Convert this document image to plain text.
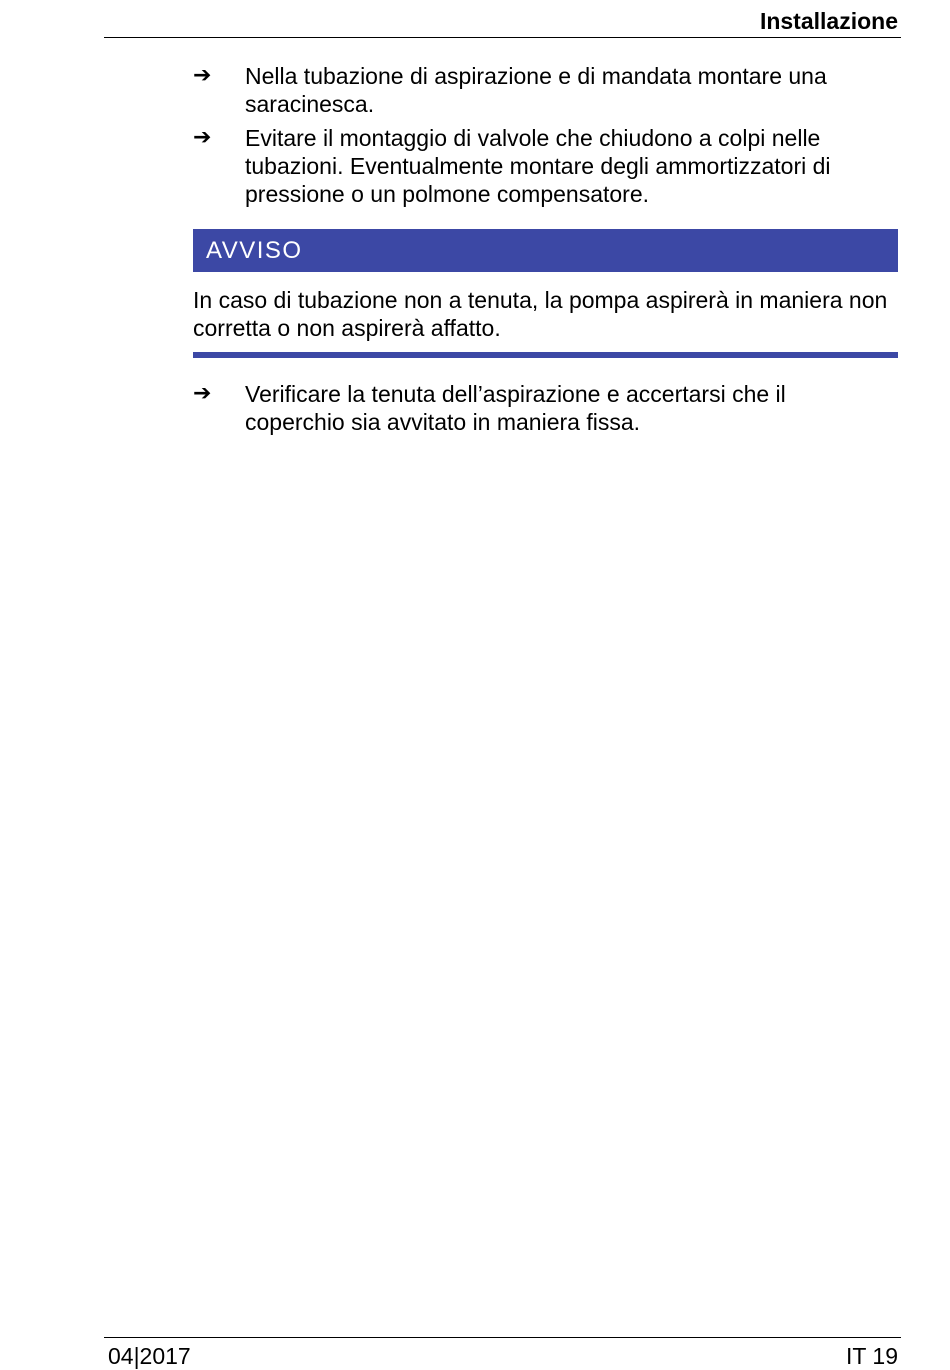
Installazione
➔	Nella tubazione di aspirazione e di mandata montare una saracinesca.
➔	Evitare il montaggio di valvole che chiudono a colpi nelle tubazioni. Eventualmente montare degli ammortizzatori di pressione o un polmone compensatore.
AVVISO
In caso di tubazione non a tenuta, la pompa aspirerà in maniera non corretta o non aspirerà affatto.
➔	Verificare la tenuta dell’aspirazione e accertarsi che il coperchio sia avvitato in maniera fissa.
04|2017	IT 19
